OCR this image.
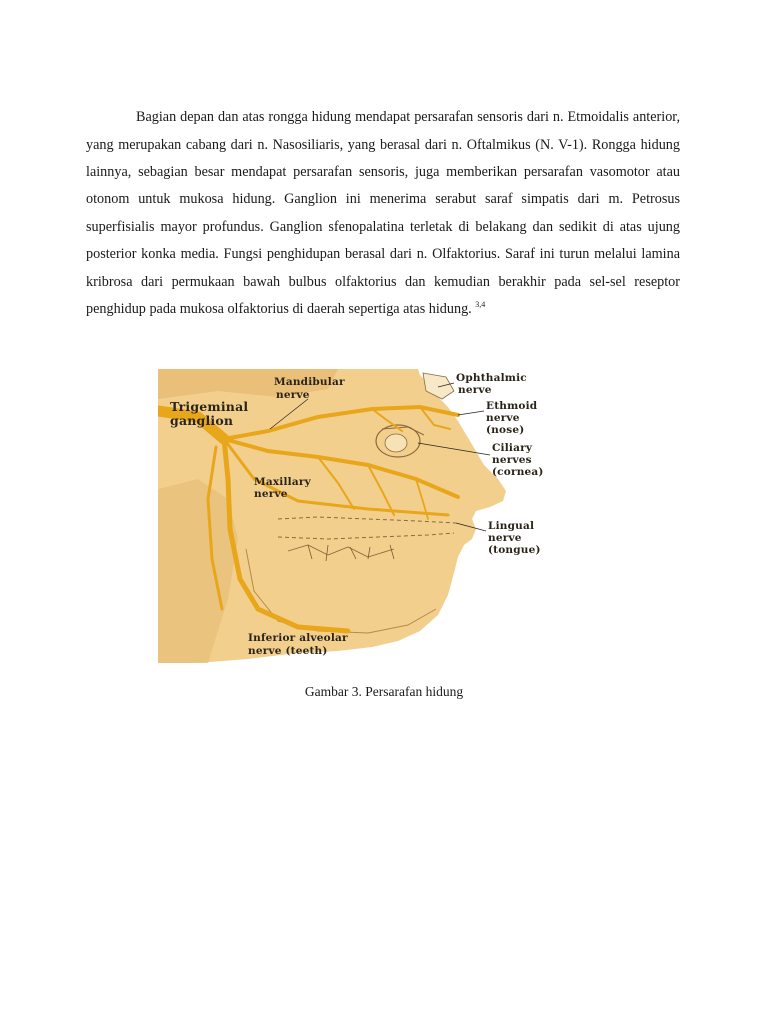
Bagian depan dan atas rongga hidung mendapat persarafan sensoris dari n. Etmoidalis anterior, yang merupakan cabang dari n. Nasosiliaris, yang berasal dari n. Oftalmikus (N. V-1). Rongga hidung lainnya, sebagian besar mendapat persarafan sensoris, juga memberikan persarafan vasomotor atau otonom untuk mukosa hidung. Ganglion ini menerima serabut saraf simpatis dari m. Petrosus superfisialis mayor profundus. Ganglion sfenopalatina terletak di belakang dan sedikit di atas ujung posterior konka media. Fungsi penghidupan berasal dari n. Olfaktorius. Saraf ini turun melalui lamina kribrosa dari permukaan bawah bulbus olfaktorius dan kemudian berakhir pada sel-sel reseptor penghidup pada mukosa olfaktorius di daerah sepertiga atas hidung. $^{3,4}$

Mandibular
nerve
Trigeminal
ganglion
Maxillary
nerve
Ophthalmic
nerve
Ethmoid
nerve
(nose)
Ciliary
nerves
(cornea)
Lingual
nerve
(tongue)
Inferior alveolar
nerve (teeth)
Gambar 3. Persarafan hidung
